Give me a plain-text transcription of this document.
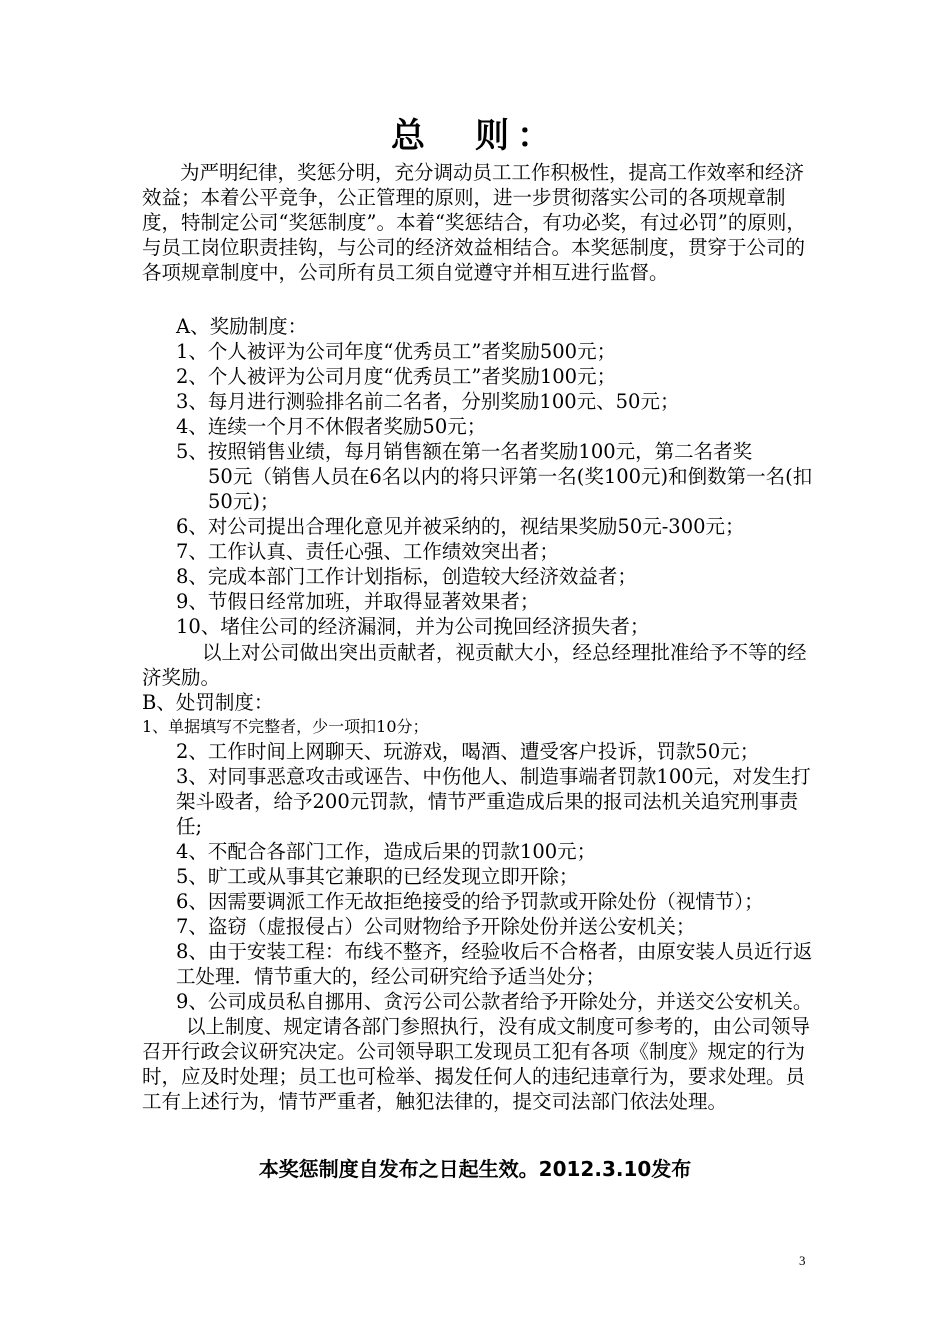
总　则：
为严明纪律，奖惩分明，充分调动员工工作积极性，提高工作效率和经济效益；本着公平竞争，公正管理的原则，进一步贯彻落实公司的各项规章制度，特制定公司“奖惩制度”。本着“奖惩结合，有功必奖，有过必罚”的原则，与员工岗位职责挂钩，与公司的经济效益相结合。本奖惩制度，贯穿于公司的各项规章制度中，公司所有员工须自觉遵守并相互进行监督。
A、奖励制度：
1、个人被评为公司年度“优秀员工”者奖励500元；
2、个人被评为公司月度“优秀员工”者奖励100元；
3、每月进行测验排名前二名者，分别奖励100元、50元；
4、连续一个月不休假者奖励50元；
5、按照销售业绩，每月销售额在第一名者奖励100元，第二名者奖
50元（销售人员在6名以内的将只评第一名(奖100元)和倒数第一名(扣50元)；
6、对公司提出合理化意见并被采纳的，视结果奖励50元-300元；
7、工作认真、责任心强、工作绩效突出者；
8、完成本部门工作计划指标，创造较大经济效益者；
9、节假日经常加班，并取得显著效果者；
10、堵住公司的经济漏洞，并为公司挽回经济损失者；
以上对公司做出突出贡献者，视贡献大小，经总经理批准给予不等的经济奖励。
B、处罚制度：
1、单据填写不完整者，少一项扣10分；
2、工作时间上网聊天、玩游戏，喝酒、遭受客户投诉，罚款50元；
3、对同事恶意攻击或诬告、中伤他人、制造事端者罚款100元，对发生打架斗殴者，给予200元罚款，情节严重造成后果的报司法机关追究刑事责任;
4、不配合各部门工作，造成后果的罚款100元；
5、旷工或从事其它兼职的已经发现立即开除；
6、因需要调派工作无故拒绝接受的给予罚款或开除处份（视情节）；
7、盗窃（虚报侵占）公司财物给予开除处份并送公安机关；
8、由于安装工程：布线不整齐，经验收后不合格者，由原安装人员近行返工处理．情节重大的，经公司研究给予适当处分；
9、公司成员私自挪用、贪污公司公款者给予开除处分，并送交公安机关。
以上制度、规定请各部门参照执行，没有成文制度可参考的，由公司领导召开行政会议研究决定。公司领导职工发现员工犯有各项《制度》规定的行为时，应及时处理；员工也可检举、揭发任何人的违纪违章行为，要求处理。员工有上述行为，情节严重者，触犯法律的，提交司法部门依法处理。
本奖惩制度自发布之日起生效。2012.3.10发布
3
